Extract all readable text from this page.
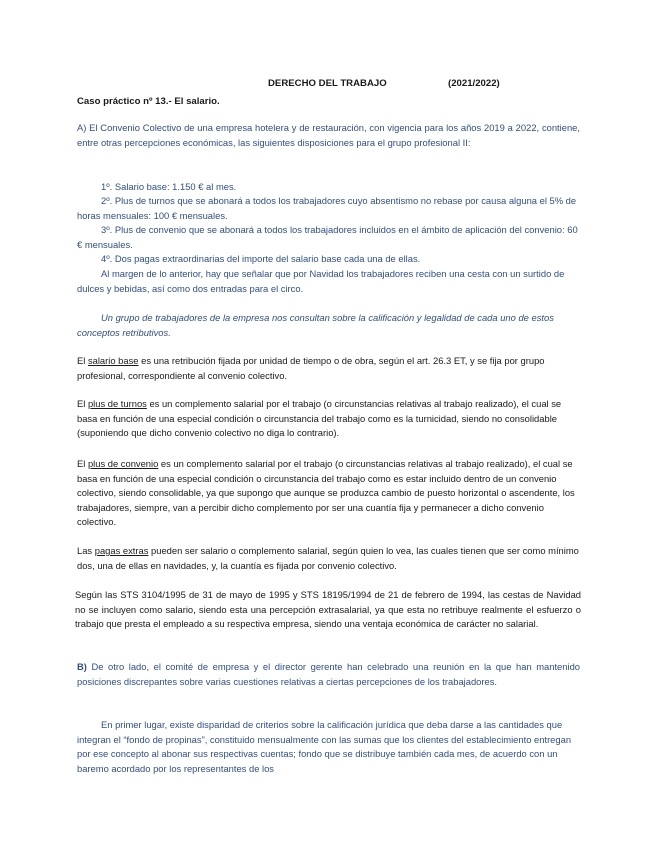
DERECHO DEL TRABAJO	(2021/2022)
Caso práctico nº 13.- El salario.

A) El Convenio Colectivo de una empresa hotelera y de restauración, con vigencia para los años 2019 a 2022, contiene, entre otras percepciones económicas, las siguientes disposiciones para el grupo profesional II:

1º. Salario base: 1.150 € al mes.

2º. Plus de turnos que se abonará a todos los trabajadores cuyo absentismo no rebase por causa alguna el 5% de horas mensuales: 100 € mensuales.

3º. Plus de convenio que se abonará a todos los trabajadores incluidos en el ámbito de aplicación del convenio: 60 € mensuales.

4º. Dos pagas extraordinarias del importe del salario base cada una de ellas.

Al margen de lo anterior, hay que señalar que por Navidad los trabajadores reciben una cesta con un surtido de dulces y bebidas, así como dos entradas para el circo.

Un grupo de trabajadores de la empresa nos consultan sobre la calificación y legalidad de cada uno de estos conceptos retributivos.

El salario base es una retribución fijada por unidad de tiempo o de obra, según el art. 26.3 ET, y se fija por grupo profesional, correspondiente al convenio colectivo.

El plus de turnos es un complemento salarial por el trabajo (o circunstancias relativas al trabajo realizado), el cual se basa en función de una especial condición o circunstancia del trabajo como es la turnicidad, siendo no consolidable (suponiendo que dicho convenio colectivo no diga lo contrario).

El plus de convenio es un complemento salarial por el trabajo (o circunstancias relativas al trabajo realizado), el cual se basa en función de una especial condición o circunstancia del trabajo como es estar incluido dentro de un convenio colectivo, siendo consolidable, ya que supongo que aunque se produzca cambio de puesto horizontal o ascendente, los trabajadores, siempre, van a percibir dicho complemento por ser una cuantía fija y permanecer a dicho convenio colectivo.

Las pagas extras pueden ser salario o complemento salarial, según quien lo vea, las cuales tienen que ser como mínimo dos, una de ellas en navidades, y, la cuantía es fijada por convenio colectivo.

Según las STS 3104/1995 de 31 de mayo de 1995 y STS 18195/1994 de 21 de febrero de 1994, las cestas de Navidad no se incluyen como salario, siendo esta una percepción extrasalarial, ya que esta no retribuye realmente el esfuerzo o trabajo que presta el empleado a su respectiva empresa, siendo una ventaja económica de carácter no salarial.

B) De otro lado, el comité de empresa y el director gerente han celebrado una reunión en la que han mantenido posiciones discrepantes sobre varias cuestiones relativas a ciertas percepciones de los trabajadores.

En primer lugar, existe disparidad de criterios sobre la calificación jurídica que deba darse a las cantidades que integran el “fondo de propinas”, constituido mensualmente con las sumas que los clientes del establecimiento entregan por ese concepto al abonar sus respectivas cuentas; fondo que se distribuye también cada mes, de acuerdo con un baremo acordado por los representantes de los
